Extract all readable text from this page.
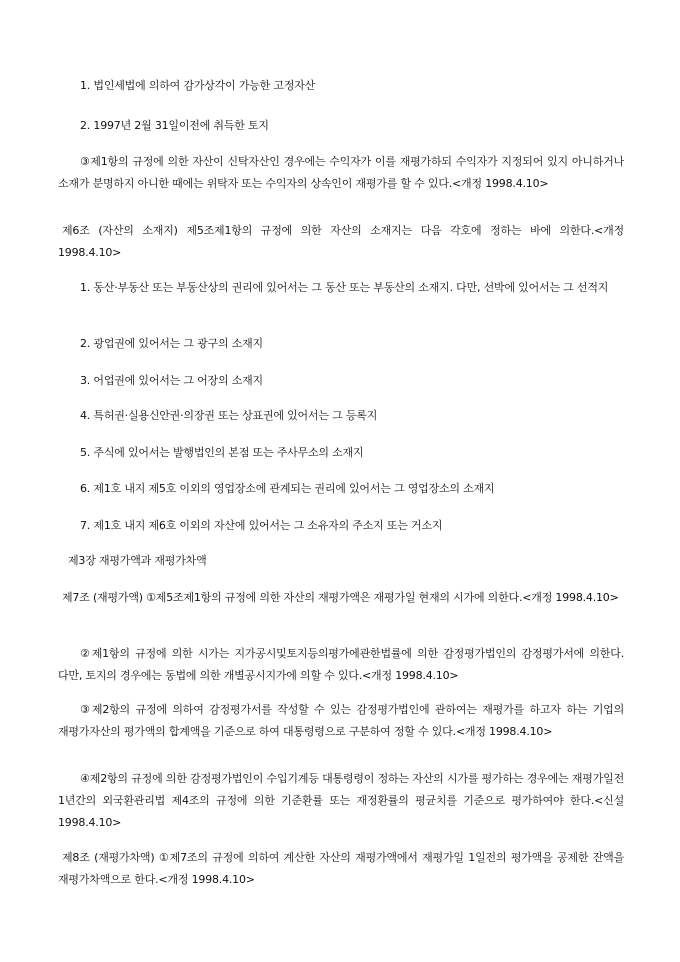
1. 법인세법에 의하여 감가상각이 가능한 고정자산

2. 1997년 2월 31일이전에 취득한 토지

③제1항의 규정에 의한 자산이 신탁자산인 경우에는 수익자가 이를 재평가하되 수익자가 지정되어 있지 아니하거나 소재가 분명하지 아니한 때에는 위탁자 또는 수익자의 상속인이 재평가를 할 수 있다.<개정 1998.4.10>

제6조 (자산의 소재지) 제5조제1항의 규정에 의한 자산의 소재지는 다음 각호에 정하는 바에 의한다.<개정 1998.4.10>

1. 동산·부동산 또는 부동산상의 권리에 있어서는 그 동산 또는 부동산의 소재지. 다만, 선박에 있어서는 그 선적지

2. 광업권에 있어서는 그 광구의 소재지

3. 어업권에 있어서는 그 어장의 소재지

4. 특허권·실용신안권·의장권 또는 상표권에 있어서는 그 등록지

5. 주식에 있어서는 발행법인의 본점 또는 주사무소의 소재지

6. 제1호 내지 제5호 이외의 영업장소에 관계되는 권리에 있어서는 그 영업장소의 소재지

7. 제1호 내지 제6호 이외의 자산에 있어서는 그 소유자의 주소지 또는 거소지

제3장 재평가액과 재평가차액

제7조 (재평가액) ①제5조제1항의 규정에 의한 자산의 재평가액은 재평가일 현재의 시가에 의한다.<개정 1998.4.10>

②제1항의 규정에 의한 시가는 지가공시및토지등의평가에관한법률에 의한 감정평가법인의 감정평가서에 의한다. 다만, 토지의 경우에는 동법에 의한 개별공시지가에 의할 수 있다.<개정 1998.4.10>

③제2항의 규정에 의하여 감정평가서를 작성할 수 있는 감정평가법인에 관하여는 재평가를 하고자 하는 기업의 재평가자산의 평가액의 합계액을 기준으로 하여 대통령령으로 구분하여 정할 수 있다.<개정 1998.4.10>

④제2항의 규정에 의한 감정평가법인이 수입기계등 대통령령이 정하는 자산의 시가를 평가하는 경우에는 재평가일전 1년간의 외국환관리법 제4조의 규정에 의한 기준환률 또는 재정환률의 평균치를 기준으로 평가하여야 한다.<신설 1998.4.10>

제8조 (재평가차액) ①제7조의 규정에 의하여 계산한 자산의 재평가액에서 재평가일 1일전의 평가액을 공제한 잔액을 재평가차액으로 한다.<개정 1998.4.10>
